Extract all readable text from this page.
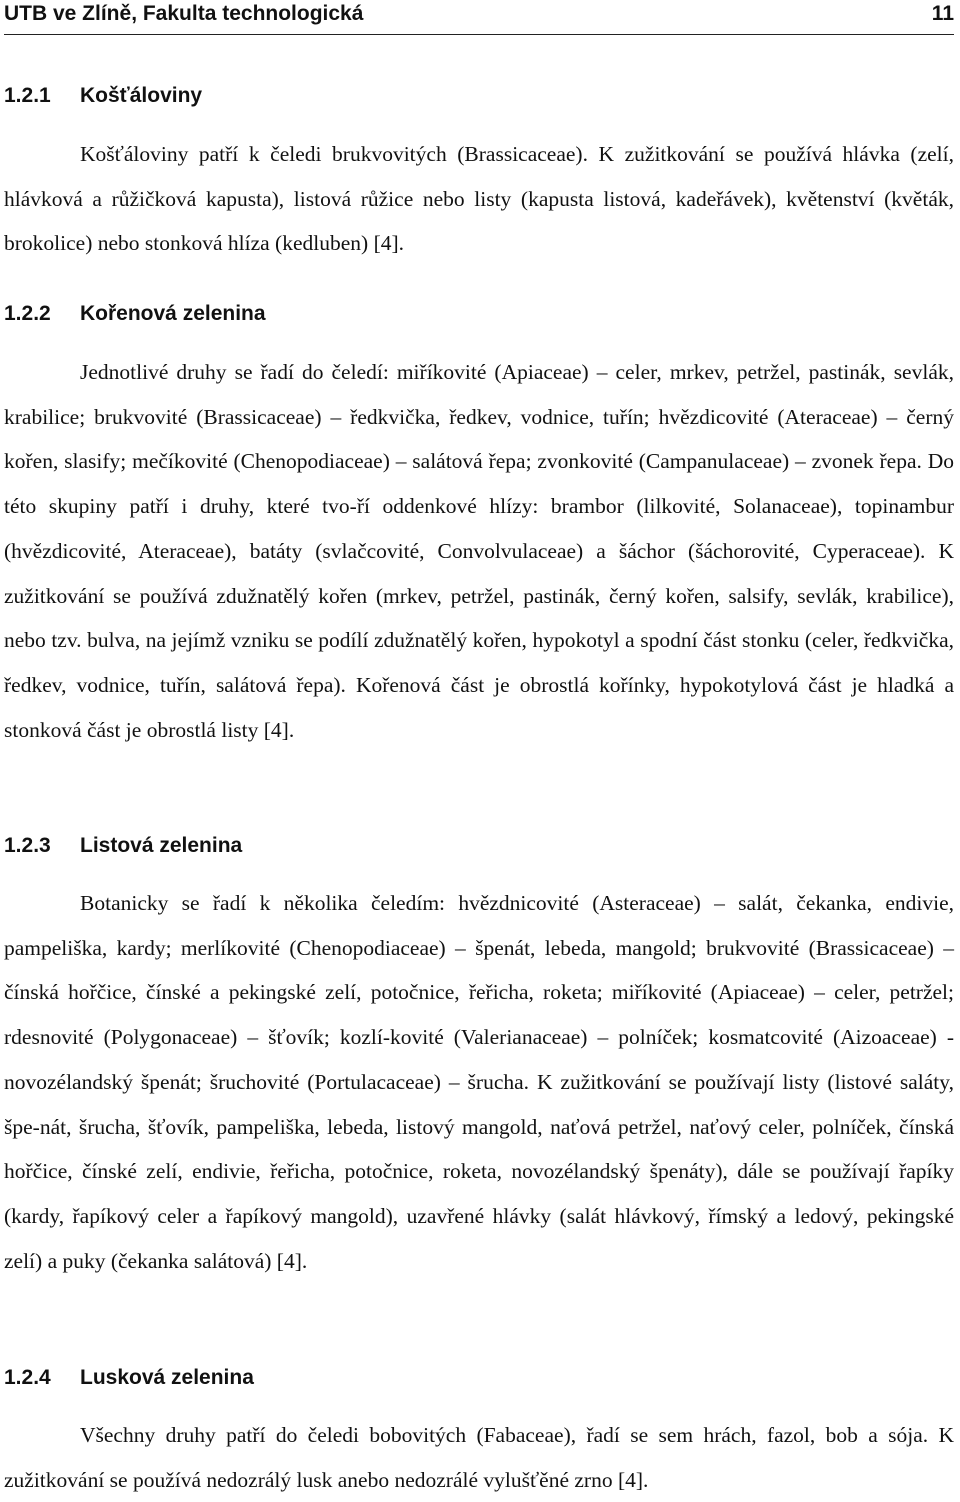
UTB ve Zlíně, Fakulta technologická	11
1.2.1 Košťáloviny

Košťáloviny patří k čeledi brukvovitých (Brassicaceae). K zužitkování se používá hlávka (zelí, hlávková a růžičková kapusta), listová růžice nebo listy (kapusta listová, kadeřávek), květenství (květák, brokolice) nebo stonková hlíza (kedluben) [4].

1.2.2 Kořenová zelenina

Jednotlivé druhy se řadí do čeledí: miříkovité (Apiaceae) – celer, mrkev, petržel, pastinák, sevlák, krabilice; brukvovité (Brassicaceae) – ředkvička, ředkev, vodnice, tuřín; hvězdicovité (Ateraceae) – černý kořen, slasify; mečíkovité (Chenopodiaceae) – salátová řepa; zvonkovité (Campanulaceae) – zvonek řepa. Do této skupiny patří i druhy, které tvo-ří oddenkové hlízy: brambor (lilkovité, Solanaceae), topinambur (hvězdicovité, Ateraceae), batáty (svlačcovité, Convolvulaceae) a šáchor (šáchorovité, Cyperaceae). K zužitkování se používá zdužnatělý kořen (mrkev, petržel, pastinák, černý kořen, salsify, sevlák, krabilice), nebo tzv. bulva, na jejímž vzniku se podílí zdužnatělý kořen, hypokotyl a spodní část stonku (celer, ředkvička, ředkev, vodnice, tuřín, salátová řepa). Kořenová část je obrostlá kořínky, hypokotylová část je hladká a stonková část je obrostlá listy [4].

1.2.3 Listová zelenina

Botanicky se řadí k několika čeledím: hvězdnicovité (Asteraceae) – salát, čekanka, endivie, pampeliška, kardy; merlíkovité (Chenopodiaceae) – špenát, lebeda, mangold; brukvovité (Brassicaceae) – čínská hořčice, čínské a pekingské zelí, potočnice, řeřicha, roketa; miříkovité (Apiaceae) – celer, petržel; rdesnovité (Polygonaceae) – šťovík; kozlí-kovité (Valerianaceae) – polníček; kosmatcovité (Aizoaceae) - novozélandský špenát; šruchovité (Portulacaceae) – šrucha. K zužitkování se používají listy (listové saláty, špe-nát, šrucha, šťovík, pampeliška, lebeda, listový mangold, naťová petržel, naťový celer, polníček, čínská hořčice, čínské zelí, endivie, řeřicha, potočnice, roketa, novozélandský špenáty), dále se používají řapíky (kardy, řapíkový celer a řapíkový mangold), uzavřené hlávky (salát hlávkový, římský a ledový, pekingské zelí) a puky (čekanka salátová) [4].

1.2.4 Lusková zelenina

Všechny druhy patří do čeledi bobovitých (Fabaceae), řadí se sem hrách, fazol, bob a sója. K zužitkování se používá nedozrálý lusk anebo nedozrálé vylušťěné zrno [4].
